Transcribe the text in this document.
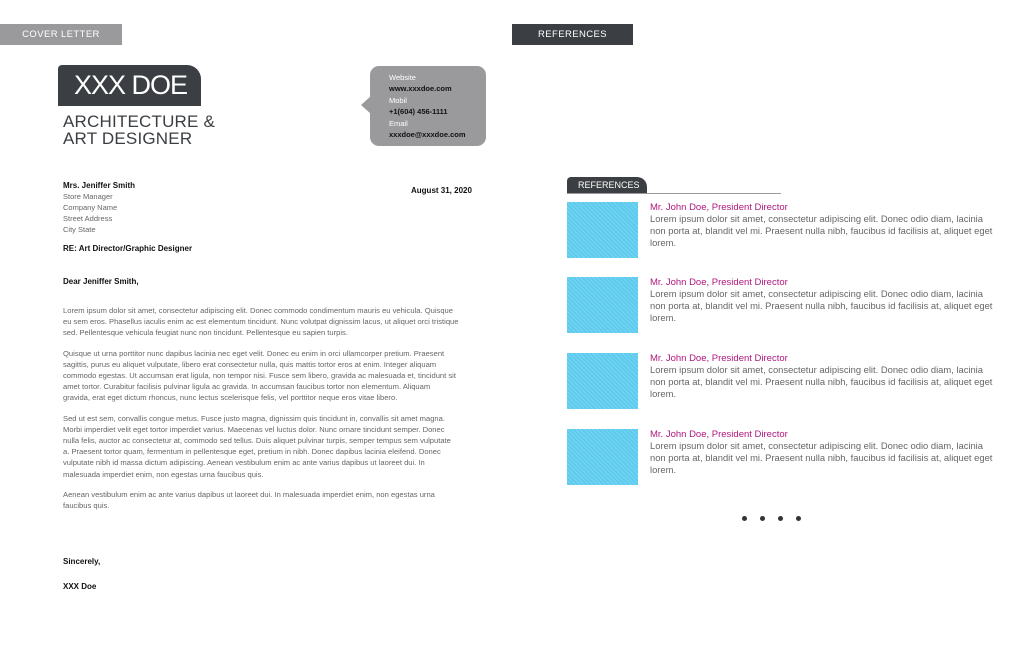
COVER LETTER	REFERENCES
XXX DOE
ARCHITECTURE &
ART DESIGNER
Website
www.xxxdoe.com
Mobil
+1(604) 456-1111
Email
xxxdoe@xxxdoe.com
Mrs. Jeniffer Smith
Store Manager
Company Name
Street Address
City State
August 31, 2020
RE: Art Director/Graphic Designer
Dear Jeniffer Smith,

Lorem ipsum dolor sit amet, consectetur adipiscing elit. Donec commodo condimentum mauris eu vehicula. Quisque eu sem eros. Phasellus iaculis enim ac est elementum tincidunt. Nunc volutpat dignissim lacus, ut aliquet orci tristique sed. Pellentesque vehicula feugiat nunc non tincidunt. Pellentesque eu sapien turpis.

Quisque ut urna porttitor nunc dapibus lacinia nec eget velit. Donec eu enim in orci ullamcorper pretium. Praesent sagittis, purus eu aliquet vulputate, libero erat consectetur nulla, quis mattis tortor eros at enim. Integer aliquam commodo egestas. Ut accumsan erat ligula, non tempor nisi. Fusce sem libero, gravida ac malesuada et, tincidunt sit amet tortor. Curabitur facilisis pulvinar ligula ac gravida. In accumsan faucibus tortor non elementum. Aliquam gravida, erat eget dictum rhoncus, nunc lectus scelerisque felis, vel porttitor neque eros vitae libero.

Sed ut est sem, convallis congue metus. Fusce justo magna, dignissim quis tincidunt in, convallis sit amet magna. Morbi imperdiet velit eget tortor imperdiet varius. Maecenas vel luctus dolor. Nunc ornare tincidunt semper. Donec nulla felis, auctor ac consectetur at, commodo sed tellus. Duis aliquet pulvinar turpis, semper tempus sem vulputate a. Praesent tortor quam, fermentum in pellentesque eget, pretium in nibh. Donec dapibus lacinia eleifend. Donec vulputate nibh id massa dictum adipiscing. Aenean vestibulum enim ac ante varius dapibus ut laoreet dui. In malesuada imperdiet enim, non egestas urna faucibus quis.

Aenean vestibulum enim ac ante varius dapibus ut laoreet dui. In malesuada imperdiet enim, non egestas urna faucibus quis.

Sincerely,
XXX Doe
REFERENCES
Mr. John Doe, President Director
Lorem ipsum dolor sit amet, consectetur adipiscing elit. Donec odio diam, lacinia non porta at, blandit vel mi. Praesent nulla nibh, faucibus id facilisis at, aliquet eget lorem.
Mr. John Doe, President Director
Lorem ipsum dolor sit amet, consectetur adipiscing elit. Donec odio diam, lacinia non porta at, blandit vel mi. Praesent nulla nibh, faucibus id facilisis at, aliquet eget lorem.
Mr. John Doe, President Director
Lorem ipsum dolor sit amet, consectetur adipiscing elit. Donec odio diam, lacinia non porta at, blandit vel mi. Praesent nulla nibh, faucibus id facilisis at, aliquet eget lorem.
Mr. John Doe, President Director
Lorem ipsum dolor sit amet, consectetur adipiscing elit. Donec odio diam, lacinia non porta at, blandit vel mi. Praesent nulla nibh, faucibus id facilisis at, aliquet eget lorem.
